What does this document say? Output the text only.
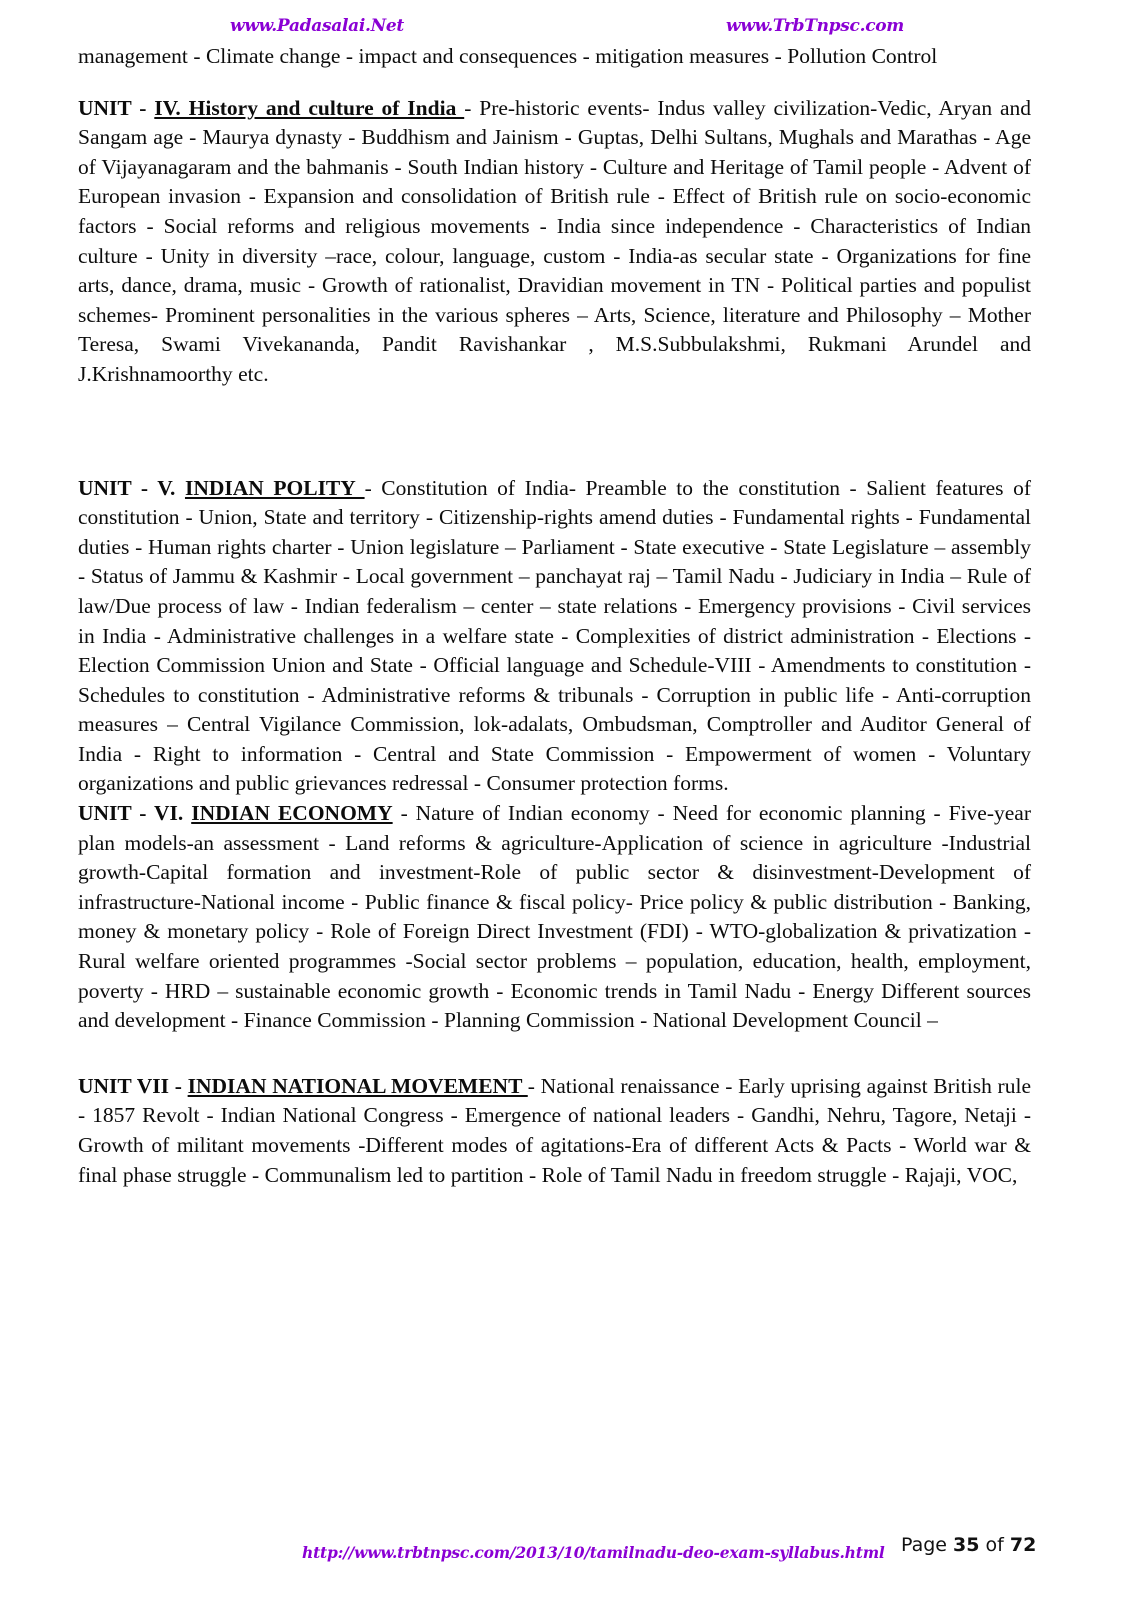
www.Padasalai.Net	www.TrbTnpsc.com

management - Climate change - impact and consequences - mitigation measures - Pollution Control

UNIT - IV. History and culture of India - Pre-historic events- Indus valley civilization-Vedic, Aryan and Sangam age - Maurya dynasty - Buddhism and Jainism - Guptas, Delhi Sultans, Mughals and Marathas - Age of Vijayanagaram and the bahmanis - South Indian history - Culture and Heritage of Tamil people - Advent of European invasion - Expansion and consolidation of British rule - Effect of British rule on socio-economic factors - Social reforms and religious movements - India since independence - Characteristics of Indian culture - Unity in diversity –race, colour, language, custom - India-as secular state - Organizations for fine arts, dance, drama, music - Growth of rationalist, Dravidian movement in TN - Political parties and populist schemes- Prominent personalities in the various spheres – Arts, Science, literature and Philosophy – Mother Teresa, Swami Vivekananda, Pandit Ravishankar , M.S.Subbulakshmi, Rukmani Arundel and J.Krishnamoorthy etc.

UNIT - V. INDIAN POLITY - Constitution of India- Preamble to the constitution - Salient features of constitution - Union, State and territory - Citizenship-rights amend duties - Fundamental rights - Fundamental duties - Human rights charter - Union legislature – Parliament - State executive - State Legislature – assembly - Status of Jammu & Kashmir - Local government – panchayat raj – Tamil Nadu - Judiciary in India – Rule of law/Due process of law - Indian federalism – center – state relations - Emergency provisions - Civil services in India - Administrative challenges in a welfare state - Complexities of district administration - Elections - Election Commission Union and State - Official language and Schedule-VIII - Amendments to constitution - Schedules to constitution - Administrative reforms & tribunals - Corruption in public life - Anti-corruption measures – Central Vigilance Commission, lok-adalats, Ombudsman, Comptroller and Auditor General of India - Right to information - Central and State Commission - Empowerment of women - Voluntary organizations and public grievances redressal - Consumer protection forms.

UNIT - VI. INDIAN ECONOMY - Nature of Indian economy - Need for economic planning - Five-year plan models-an assessment - Land reforms & agriculture-Application of science in agriculture -Industrial growth-Capital formation and investment-Role of public sector & disinvestment-Development of infrastructure-National income - Public finance & fiscal policy- Price policy & public distribution - Banking, money & monetary policy - Role of Foreign Direct Investment (FDI) - WTO-globalization & privatization - Rural welfare oriented programmes -Social sector problems – population, education, health, employment, poverty - HRD – sustainable economic growth - Economic trends in Tamil Nadu - Energy Different sources and development - Finance Commission - Planning Commission - National Development Council –

UNIT VII - INDIAN NATIONAL MOVEMENT - National renaissance - Early uprising against British rule - 1857 Revolt - Indian National Congress - Emergence of national leaders - Gandhi, Nehru, Tagore, Netaji - Growth of militant movements -Different modes of agitations-Era of different Acts & Pacts - World war & final phase struggle - Communalism led to partition - Role of Tamil Nadu in freedom struggle - Rajaji, VOC,

http://www.trbtnpsc.com/2013/10/tamilnadu-deo-exam-syllabus.html Page 35 of 72
